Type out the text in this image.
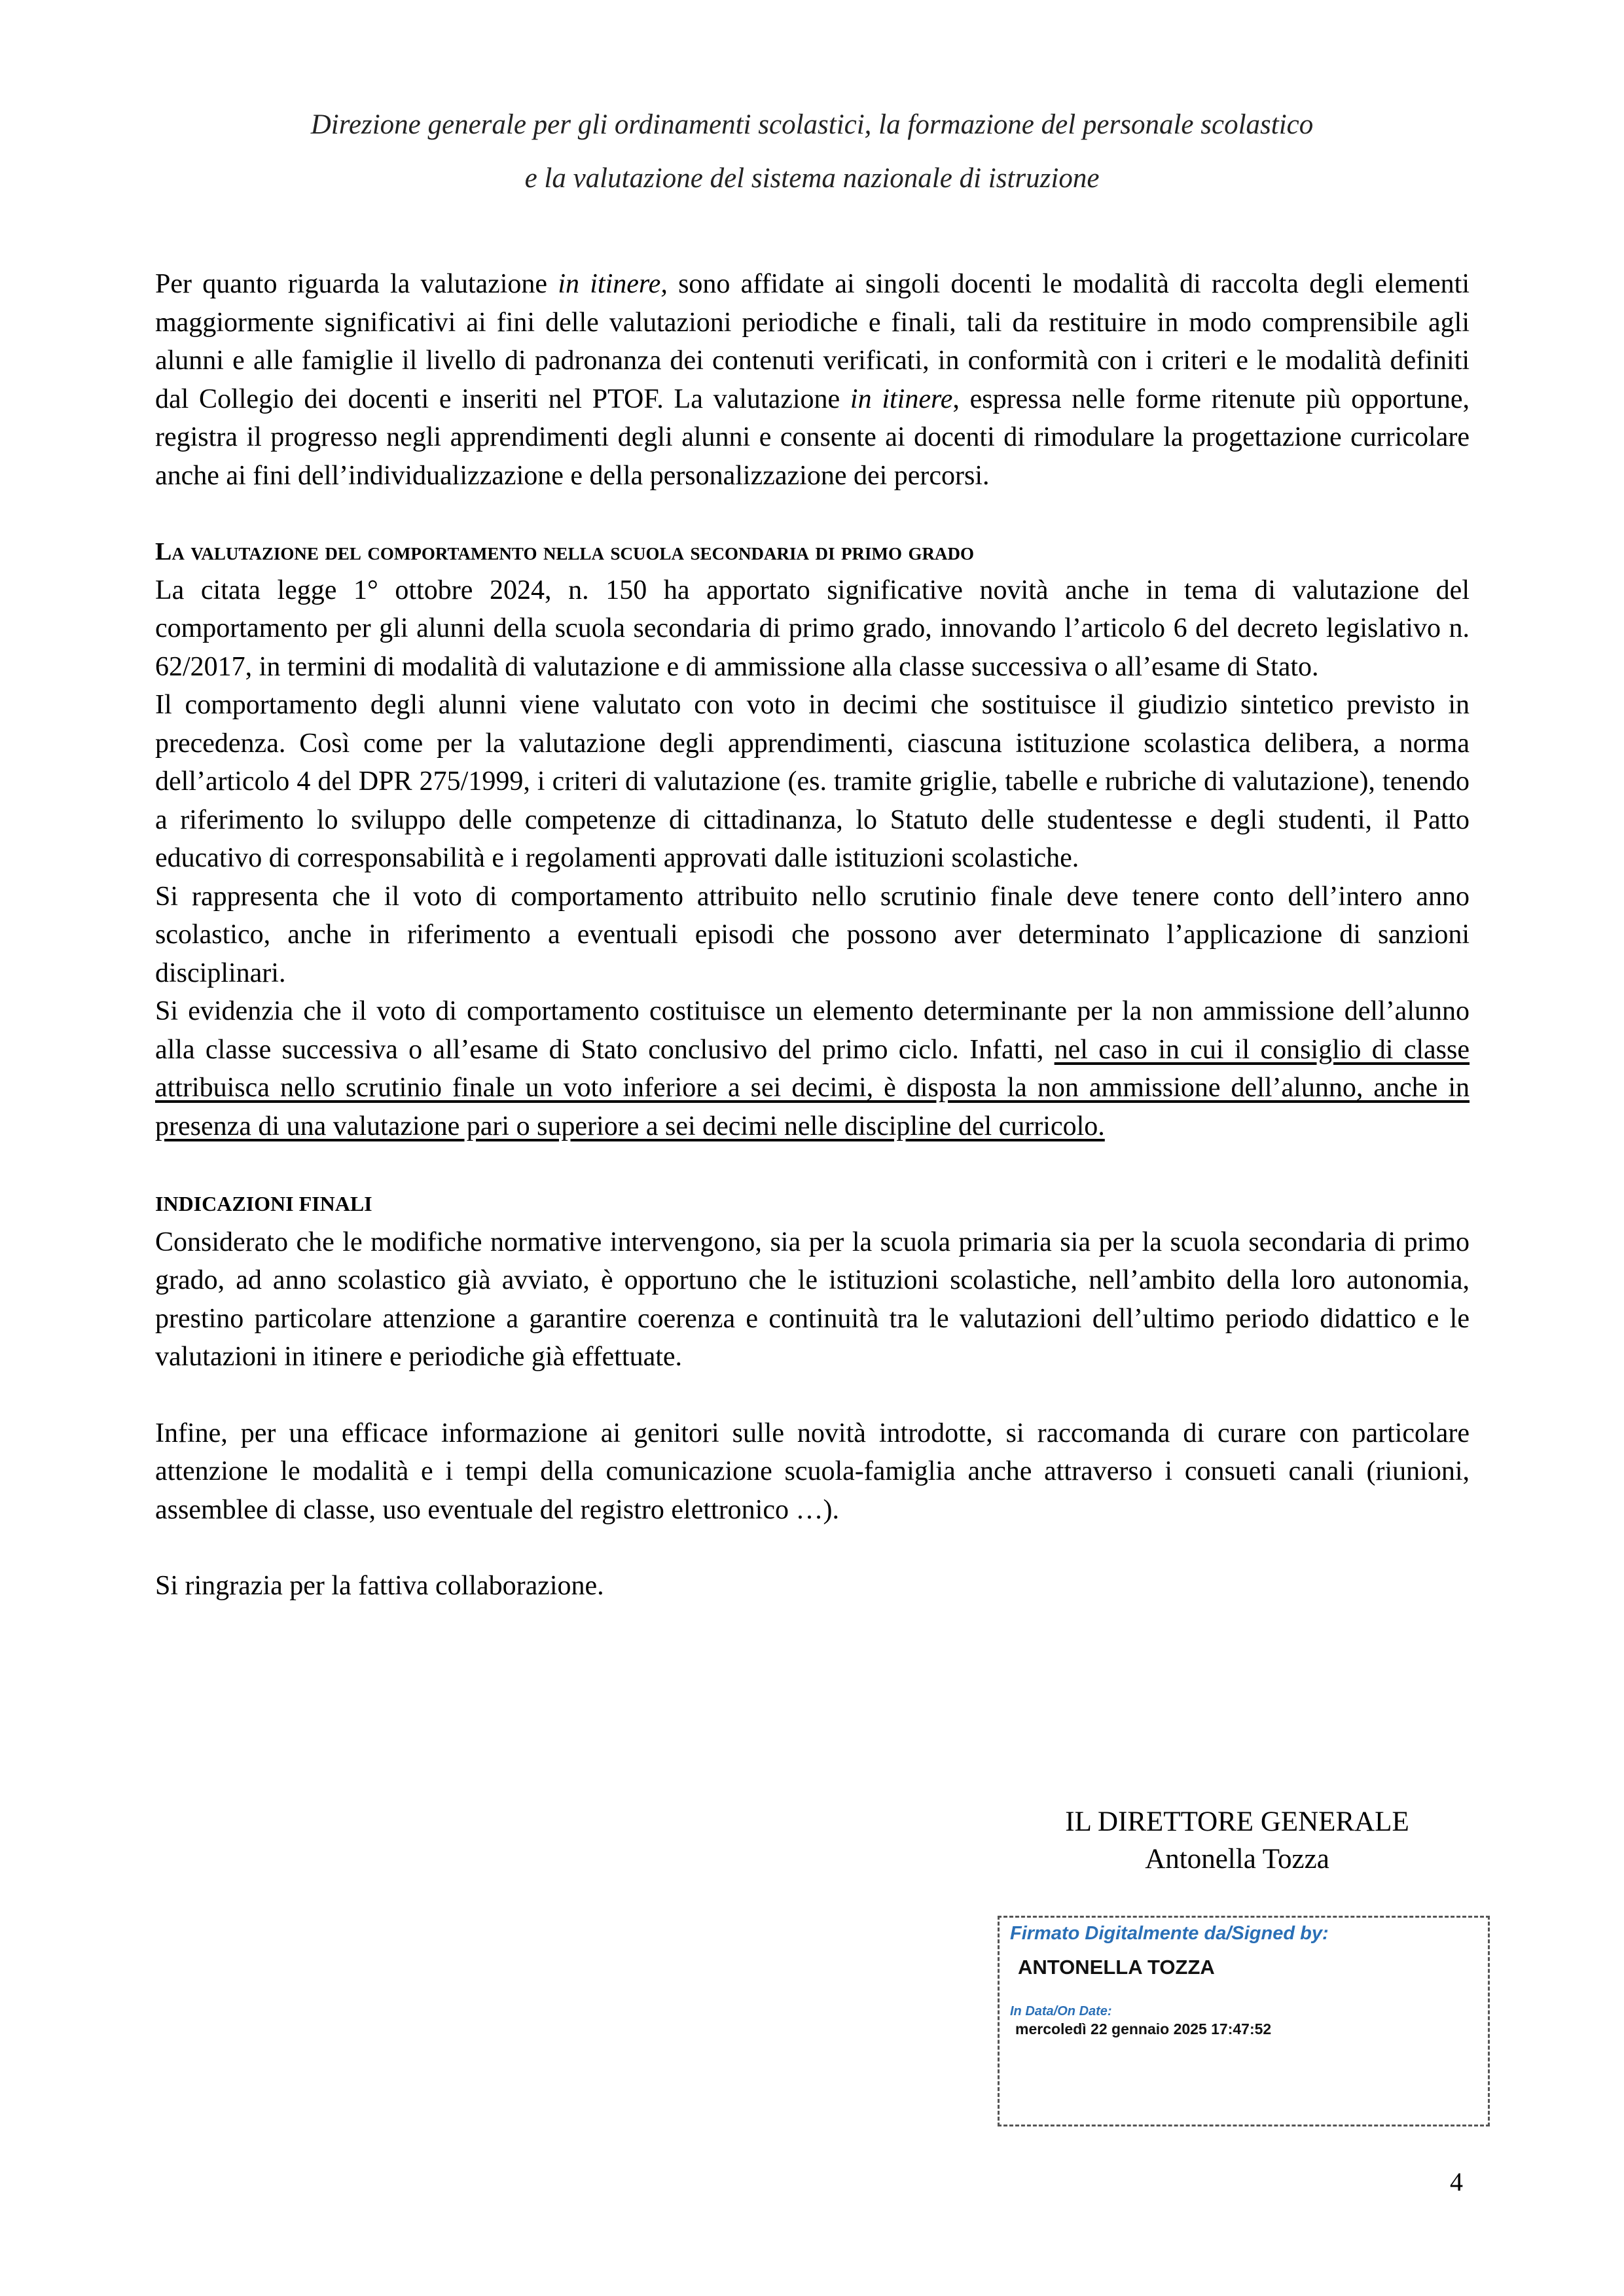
Direzione generale per gli ordinamenti scolastici, la formazione del personale scolastico
e la valutazione del sistema nazionale di istruzione

Per quanto riguarda la valutazione in itinere, sono affidate ai singoli docenti le modalità di raccolta degli elementi maggiormente significativi ai fini delle valutazioni periodiche e finali, tali da restituire in modo comprensibile agli alunni e alle famiglie il livello di padronanza dei contenuti verificati, in conformità con i criteri e le modalità definiti dal Collegio dei docenti e inseriti nel PTOF. La valutazione in itinere, espressa nelle forme ritenute più opportune, registra il progresso negli apprendimenti degli alunni e consente ai docenti di rimodulare la progettazione curricolare anche ai fini dell’individualizzazione e della personalizzazione dei percorsi.

La valutazione del comportamento nella scuola secondaria di primo grado

La citata legge 1° ottobre 2024, n. 150 ha apportato significative novità anche in tema di valutazione del comportamento per gli alunni della scuola secondaria di primo grado, innovando l’articolo 6 del decreto legislativo n. 62/2017, in termini di modalità di valutazione e di ammissione alla classe successiva o all’esame di Stato.

Il comportamento degli alunni viene valutato con voto in decimi che sostituisce il giudizio sintetico previsto in precedenza. Così come per la valutazione degli apprendimenti, ciascuna istituzione scolastica delibera, a norma dell’articolo 4 del DPR 275/1999, i criteri di valutazione (es. tramite griglie, tabelle e rubriche di valutazione), tenendo a riferimento lo sviluppo delle competenze di cittadinanza, lo Statuto delle studentesse e degli studenti, il Patto educativo di corresponsabilità e i regolamenti approvati dalle istituzioni scolastiche.

Si rappresenta che il voto di comportamento attribuito nello scrutinio finale deve tenere conto dell’intero anno scolastico, anche in riferimento a eventuali episodi che possono aver determinato l’applicazione di sanzioni disciplinari.

Si evidenzia che il voto di comportamento costituisce un elemento determinante per la non ammissione dell’alunno alla classe successiva o all’esame di Stato conclusivo del primo ciclo. Infatti, nel caso in cui il consiglio di classe attribuisca nello scrutinio finale un voto inferiore a sei decimi, è disposta la non ammissione dell’alunno, anche in presenza di una valutazione pari o superiore a sei decimi nelle discipline del curricolo.

INDICAZIONI FINALI

Considerato che le modifiche normative intervengono, sia per la scuola primaria sia per la scuola secondaria di primo grado, ad anno scolastico già avviato, è opportuno che le istituzioni scolastiche, nell’ambito della loro autonomia, prestino particolare attenzione a garantire coerenza e continuità tra le valutazioni dell’ultimo periodo didattico e le valutazioni in itinere e periodiche già effettuate.

Infine, per una efficace informazione ai genitori sulle novità introdotte, si raccomanda di curare con particolare attenzione le modalità e i tempi della comunicazione scuola-famiglia anche attraverso i consueti canali (riunioni, assemblee di classe, uso eventuale del registro elettronico …).

Si ringrazia per la fattiva collaborazione.

IL DIRETTORE GENERALE
Antonella Tozza
Firmato Digitalmente da/Signed by:
ANTONELLA TOZZA
In Data/On Date:
mercoledì 22 gennaio 2025 17:47:52
4
